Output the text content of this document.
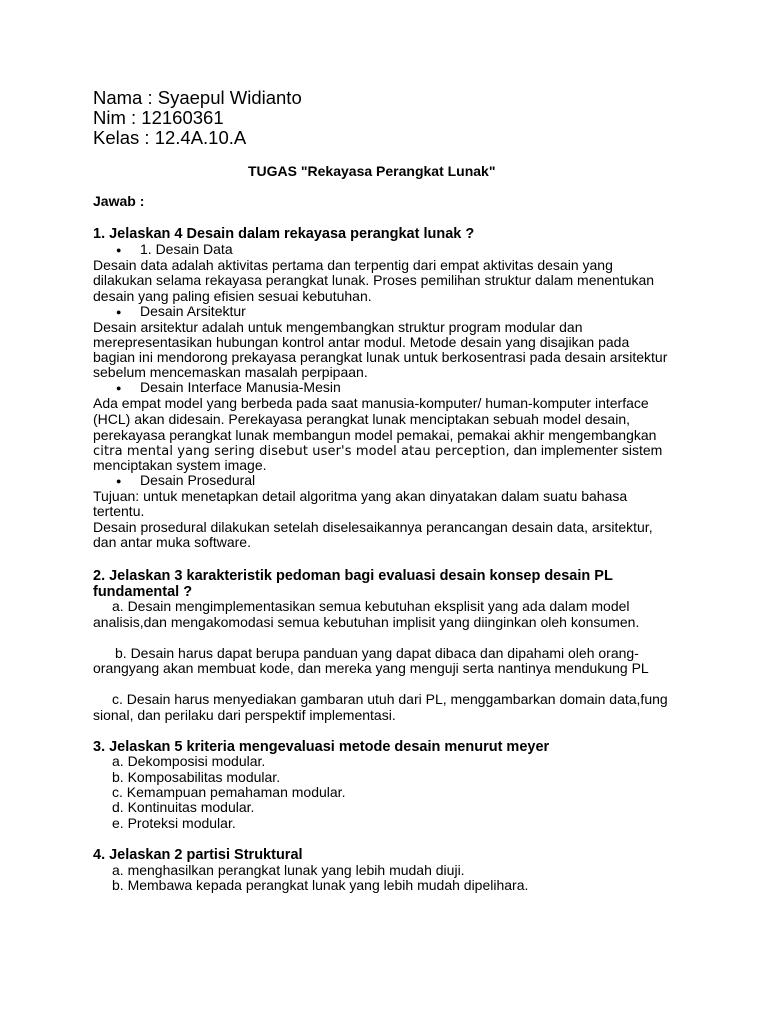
Nama : Syaepul Widianto
Nim : 12160361
Kelas : 12.4A.10.A
TUGAS "Rekayasa Perangkat Lunak"
Jawab :
1. Jelaskan 4 Desain dalam rekayasa perangkat lunak ?
● 1. Desain Data
Desain data adalah aktivitas pertama dan terpentig dari empat aktivitas desain yang
dilakukan selama rekayasa perangkat lunak. Proses pemilihan struktur dalam menentukan
desain yang paling efisien sesuai kebutuhan.
● Desain Arsitektur
Desain arsitektur adalah untuk mengembangkan struktur program modular dan
merepresentasikan hubungan kontrol antar modul. Metode desain yang disajikan pada
bagian ini mendorong prekayasa perangkat lunak untuk berkosentrasi pada desain arsitektur
sebelum mencemaskan masalah perpipaan.
● Desain Interface Manusia-Mesin
Ada empat model yang berbeda pada saat manusia-komputer/ human-komputer interface
(HCL) akan didesain. Perekayasa perangkat lunak menciptakan sebuah model desain,
perekayasa perangkat lunak membangun model pemakai, pemakai akhir mengembangkan
citra mental yang sering disebut user's model atau perception, dan implementer sistem
menciptakan system image.
● Desain Prosedural
Tujuan: untuk menetapkan detail algoritma yang akan dinyatakan dalam suatu bahasa
tertentu.
Desain prosedural dilakukan setelah diselesaikannya perancangan desain data, arsitektur,
dan antar muka software.
2. Jelaskan 3 karakteristik pedoman bagi evaluasi desain konsep desain PL
fundamental ?
a. Desain mengimplementasikan semua kebutuhan eksplisit yang ada dalam model
analisis,dan mengakomodasi semua kebutuhan implisit yang diinginkan oleh konsumen.
b. Desain harus dapat berupa panduan yang dapat dibaca dan dipahami oleh orang-
orangyang akan membuat kode, dan mereka yang menguji serta nantinya mendukung PL
c. Desain harus menyediakan gambaran utuh dari PL, menggambarkan domain data,fung
sional, dan perilaku dari perspektif implementasi.
3. Jelaskan 5 kriteria mengevaluasi metode desain menurut meyer
a. Dekomposisi modular.
b. Komposabilitas modular.
c. Kemampuan pemahaman modular.
d. Kontinuitas modular.
e. Proteksi modular.
4. Jelaskan 2 partisi Struktural
a. menghasilkan perangkat lunak yang lebih mudah diuji.
b. Membawa kepada perangkat lunak yang lebih mudah dipelihara.
